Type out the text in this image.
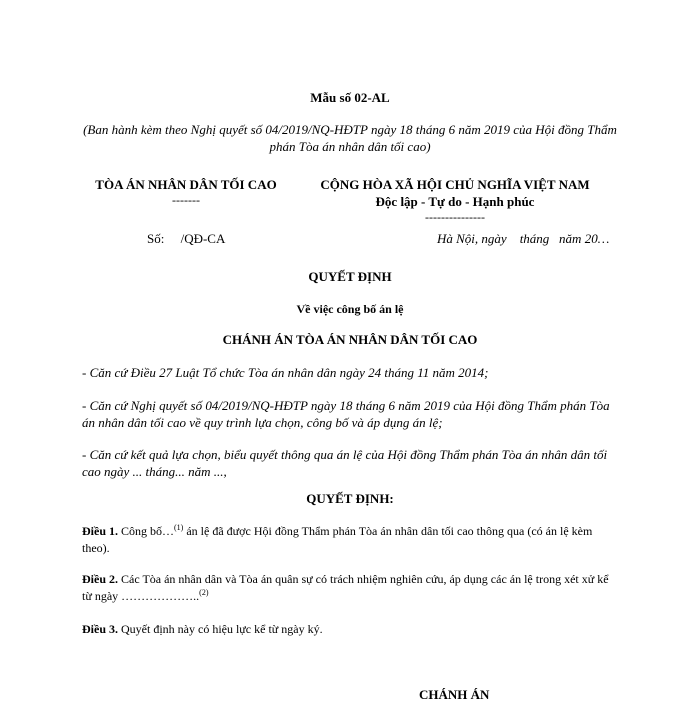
Mẫu số 02-AL
(Ban hành kèm theo Nghị quyết số 04/2019/NQ-HĐTP ngày 18 tháng 6 năm 2019 của Hội đồng Thẩm phán Tòa án nhân dân tối cao)
TÒA ÁN NHÂN DÂN TỐI CAO
-------
CỘNG HÒA XÃ HỘI CHỦ NGHĨA VIỆT NAM
Độc lập - Tự do - Hạnh phúc
---------------
Số:     /QĐ-CA	Hà Nội, ngày    tháng   năm 20…
QUYẾT ĐỊNH
Về việc công bố án lệ
CHÁNH ÁN TÒA ÁN NHÂN DÂN TỐI CAO
- Căn cứ Điều 27 Luật Tổ chức Tòa án nhân dân ngày 24 tháng 11 năm 2014;
- Căn cứ Nghị quyết số 04/2019/NQ-HĐTP ngày 18 tháng 6 năm 2019 của Hội đồng Thẩm phán Tòa án nhân dân tối cao về quy trình lựa chọn, công bố và áp dụng án lệ;
- Căn cứ kết quả lựa chọn, biểu quyết thông qua án lệ của Hội đồng Thẩm phán Tòa án nhân dân tối cao ngày ... tháng... năm ...,
QUYẾT ĐỊNH:
Điều 1. Công bố…$^{(1)}$ án lệ đã được Hội đồng Thẩm phán Tòa án nhân dân tối cao thông qua (có án lệ kèm theo).
Điều 2. Các Tòa án nhân dân và Tòa án quân sự có trách nhiệm nghiên cứu, áp dụng các án lệ trong xét xử kể từ ngày ………………..$^{(2)}$
Điều 3. Quyết định này có hiệu lực kể từ ngày ký.
CHÁNH ÁN
